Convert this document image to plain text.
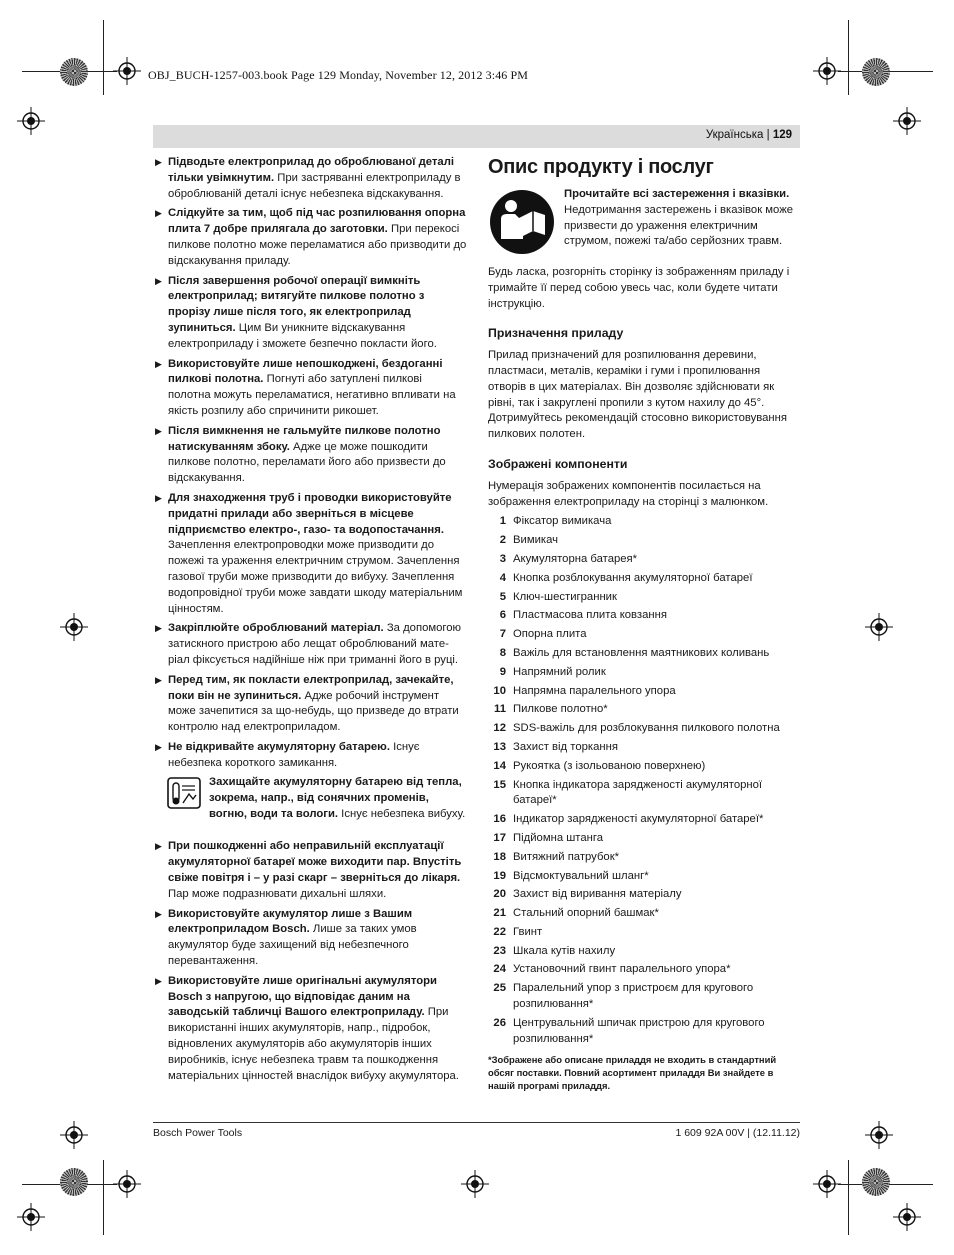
OBJ_BUCH-1257-003.book Page 129 Monday, November 12, 2012 3:46 PM
Українська | 129
▶ Підводьте електроприлад до оброблюваної деталі тільки увімкнутим. При застряванні електроприладу в оброблюваній деталі існує небезпека відскакування.
▶ Слідкуйте за тим, щоб під час розпилювання опорна плита 7 добре прилягала до заготовки. При перекосі пилкове полотно може переламатися або призводити до відскакування приладу.
▶ Після завершення робочої операції вимкніть електроприлад; витягуйте пилкове полотно з прорізу лише після того, як електроприлад зупиниться. Цим Ви уникните відскакування електроприладу і зможете безпечно покласти його.
▶ Використовуйте лише непошкоджені, бездоганні пилкові полотна. Погнуті або затуплені пилкові полотна можуть переламатися, негативно впливати на якість розпилу або спричинити рикошет.
▶ Після вимкнення не гальмуйте пилкове полотно натискуванням збоку. Адже це може пошкодити пилкове полотно, переламати його або призвести до відскакування.
▶ Для знаходження труб і проводки використовуйте придатні прилади або зверніться в місцеве підприємство електро-, газо- та водопостачання. Зачеплення електропроводки може призводити до пожежі та ураження електричним струмом. Зачеплення газової труби може призводити до вибуху. Зачеплення водопровідної труби може завдати шкоду матеріальним цінностям.
▶ Закріплюйте оброблюваний матеріал. За допомогою затискного пристрою або лещат оброблюваний мате-ріал фіксується надійніше ніж при триманні його в руці.
▶ Перед тим, як покласти електроприлад, зачекайте, поки він не зупиниться. Адже робочий інструмент може зачепитися за що-небудь, що призведе до втрати контролю над електроприладом.
▶ Не відкривайте акумуляторну батарею. Існує небезпека короткого замикання.
Захищайте акумуляторну батарею від тепла, зокрема, напр., від сонячних променів, вогню, води та вологи. Існує небезпека вибуху.
▶ При пошкодженні або неправильній експлуатації акумуляторної батареї може виходити пар. Впустіть свіже повітря і – у разі скарг – зверніться до лікаря. Пар може подразнювати дихальні шляхи.
▶ Використовуйте акумулятор лише з Вашим електроприладом Bosch. Лише за таких умов акумулятор буде захищений від небезпечного перевантаження.
▶ Використовуйте лише оригінальні акумулятори Bosch з напругою, що відповідає даним на заводській табличці Вашого електроприладу. При використанні інших акумуляторів, напр., підробок, відновлених акумуляторів або акумуляторів інших виробників, існує небезпека травм та пошкодження матеріальних цінностей внаслідок вибуху акумулятора.
Опис продукту і послуг
Прочитайте всі застереження і вказівки. Недотримання застережень і вказівок може призвести до ураження електричним струмом, пожежі та/або серйозних травм.

Будь ласка, розгорніть сторінку із зображенням приладу і тримайте її перед собою увесь час, коли будете читати інструкцію.

Призначення приладу

Прилад призначений для розпилювання деревини, пластмаси, металів, кераміки і гуми і пропилювання отворів в цих матеріалах. Він дозволяє здійснювати як рівні, так і закруглені пропили з кутом нахилу до 45°. Дотримуйтесь рекомендацій стосовно використовування пилкових полотен.

Зображені компоненти

Нумерація зображених компонентів посилається на зображення електроприладу на сторінці з малюнком.

1 Фіксатор вимикача
2 Вимикач
3 Акумуляторна батарея*
4 Кнопка розблокування акумуляторної батареї
5 Ключ-шестигранник
6 Пластмасова плита ковзання
7 Опорна плита
8 Важіль для встановлення маятникових коливань
9 Напрямний ролик
10 Напрямна паралельного упора
11 Пилкове полотно*
12 SDS-важіль для розблокування пилкового полотна
13 Захист від торкання
14 Рукоятка (з ізольованою поверхнею)
15 Кнопка індикатора зарядженості акумуляторної батареї*
16 Індикатор зарядженості акумуляторної батареї*
17 Підйомна штанга
18 Витяжний патрубок*
19 Відсмоктувальний шланг*
20 Захист від виривання матеріалу
21 Стальний опорний башмак*
22 Гвинт
23 Шкала кутів нахилу
24 Установочний гвинт паралельного упора*
25 Паралельний упор з пристроєм для кругового розпилювання*
26 Центрувальний шпичак пристрою для кругового розпилювання*
*Зображене або описане приладдя не входить в стандартний обсяг поставки. Повний асортимент приладдя Ви знайдете в нашій програмі приладдя.
Bosch Power Tools	1 609 92A 00V | (12.11.12)
